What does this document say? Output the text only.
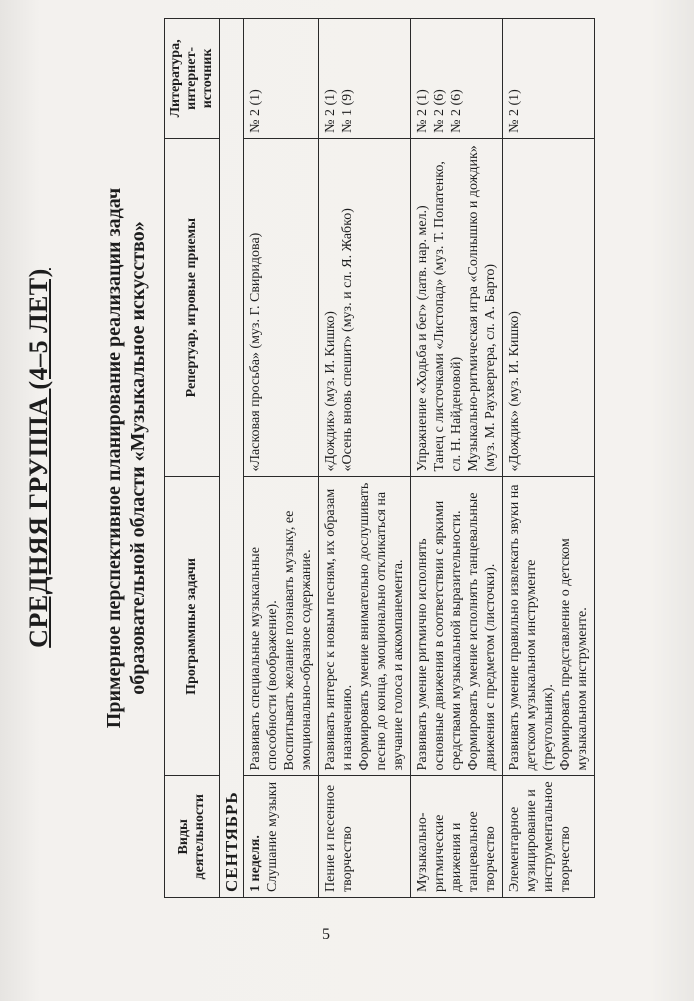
СРЕДНЯЯ ГРУППА (4–5 ЛЕТ)	Примерное перспективное планирование реализации задач образовательной области «Музыкальное искусство»
Виды деятельности	Программные задачи	Репертуар, игровые приемы	Литература, интернет-источник
СЕНТЯБРЬ			
1 неделя. Слушание музыки	Развивать специальные музыкальные способности (воображение). Воспитывать желание познавать музыку, ее эмоционально-образное содержание.	«Ласковая просьба» (муз. Г. Свиридова)	№ 2 (1)

Пение и песенное творчество	Развивать интерес к новым песням, их образам и назначению. Формировать умение внимательно дослушивать песню до конца, эмоционально откликаться на звучание голоса и аккомпанемента.	«Дождик» (муз. И. Кишко) «Осень вновь спешит» (муз. и сл. Я. Жабко)	№ 2 (1) № 1 (9)

Музыкально-ритмические движения и танцевальное творчество	Развивать умение ритмично исполнять основные движения в соответствии с яркими средствами музыкальной выразительности. Формировать умение исполнять танцевальные движения с предметом (листочки).	Упражнение «Ходьба и бег» (латв. нар. мел.) Танец с листочками «Листопад» (муз. Т. Попатенко, сл. Н. Найденовой) Музыкально-ритмическая игра «Солнышко и дождик» (муз. М. Раухвергера, сл. А. Барто)	№ 2 (1) № 2 (6) № 2 (6)

Элементарное музицирование и инструментальное творчество	Развивать умение правильно извлекать звуки на детском музыкальном инструменте (треугольник). Формировать представление о детском музыкальном инструменте.	«Дождик» (муз. И. Кишко)	№ 2 (1)
5
